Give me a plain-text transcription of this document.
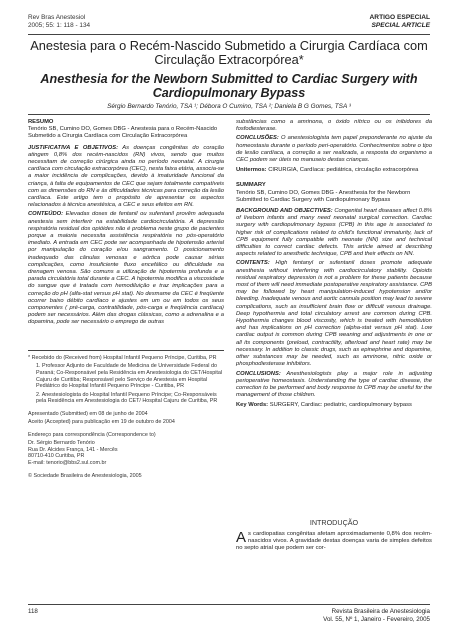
Rev Bras Anestesiol
2005; 55: 1: 118 - 134
ARTIGO ESPECIAL
SPECIAL ARTICLE
Anestesia para o Recém-Nascido Submetido a Cirurgia Cardíaca com Circulação Extracorpórea*
Anesthesia for the Newborn Submitted to Cardiac Surgery with Cardiopulmonary Bypass
Sérgio Bernardo Tenório, TSA ¹; Débora O Cumino, TSA ²; Daniela B G Gomes, TSA ³

RESUMO

Tenório SB, Cumino DO, Gomes DBG - Anestesia para o Recém-Nascido Submetido a Cirurgia Cardíaca com Circulação Extracorpórea

JUSTIFICATIVA E OBJETIVOS: As doenças congênitas do coração atingem 0,8% dos recém-nascidos (RN) vivos, sendo que muitos necessitam de correção cirúrgica ainda no período neonatal. A cirurgia cardíaca com circulação extracorpórea (CEC), nesta faixa etária, associa-se a maior incidência de complicações, devido à imaturidade funcional da criança, à falta de equipamentos de CEC que sejam totalmente compatíveis com as dimensões do RN e às dificuldades técnicas para correção da lesão cardíaca. Este artigo tem o propósito de apresentar os aspectos relacionados à técnica anestésica, a CEC e seus efeitos em RN.

CONTEÚDO: Elevadas doses de fentanil ou sufentanil provêm adequada anestesia sem interferir na estabilidade cardiocirculatória. A depressão respiratória residual dos opióides não é problema neste grupo de pacientes porque a maioria necessita assistência respiratória no pós-operatório imediato. A entrada em CEC pode ser acompanhada de hipotensão arterial por manipulação do coração e/ou sangramento. O posicionamento inadequado das cânulas venosas e aórtica pode causar sérias complicações, como insuficiente fluxo encefálico ou dificuldade na drenagem venosa. São comuns a utilização de hipotermia profunda e a parada circulatória total durante a CEC. A hipotermia modifica a viscosidade do sangue que é tratada com hemodiluição e traz implicações para a correção do pH (alfa-stat versus pH stat). No desmame da CEC é freqüente ocorrer baixo débito cardíaco e ajustes em um ou em todos os seus componentes ( pré-carga, contratilidade, pós-carga e freqüência cardíaca) podem ser necessários. Além das drogas clássicas, como a adrenalina e a dopamina, pode ser necessário o emprego de outras

* Recebido do (Received from) Hospital Infantil Pequeno Príncipe, Curitiba, PR

1. Professor Adjunto de Faculdade de Medicina de Universidade Federal do Paraná; Co-Responsável pela Residência em Anestesiologia do CET/Hospital Cajuru de Curitiba; Responsável pelo Serviço de Anestesia em Hospital Pediátrico do Hospital Infantil Pequeno Príncipe - Curitiba, PR

2. Anestesiologista do Hospital Infantil Pequeno Príncipe; Co-Responsáveis pela Residência em Anestesiologia do CET/ Hospital Cajuru de Curitiba, PR

Apresentado (Submitted) em 08 de junho de 2004

Aceito (Accepted) para publicação em 19 de outubro de 2004

Endereço para correspondência (Correspondence to)

Dr. Sérgio Bernardo Tenório
Rua Dr. Alcides França, 141 - Mercês
80710-410 Curitiba, PR
E-mail: tenorio@bbs2.sul.com.br

© Sociedade Brasileira de Anestesiologia, 2005

substâncias como a amrinona, o óxido nítrico ou os inibidores da fosfodiesterase.

CONCLUSÕES: O anestesiologista tem papel preponderante no ajuste da homeostasia durante o período peri-operatório. Conhecimentos sobre o tipo de lesão cardíaca, a correção a ser realizada, a resposta do organismo a CEC podem ser úteis no manuseio destas crianças.

Unitermos: CIRURGIA, Cardíaca: pediátrica, circulação extracorpórea

SUMMARY

Tenório SB, Cumino DO, Gomes DBG - Anesthesia for the Newborn Submitted to Cardiac Surgery with Cardiopulmonary Bypass

BACKGROUND AND OBJECTIVES: Congenital heart diseases affect 0.8% of liveborn infants and many need neonatal surgical correction. Cardiac surgery with cardiopulmonary bypass (CPB) in this age is associated to higher risk of complications related to child's functional immaturity, lack of CPB equipment fully compatible with neonate (NN) size and technical difficulties to correct cardiac defects. This article aimed at describing aspects related to anesthetic technique, CPB and their effects on NN.

CONTENTS: High fentanyl or sufentanil doses promote adequate anesthesia without interfering with cardiocirculatory stability. Opioids residual respiratory depression is not a problem for these patients because most of them will need immediate postoperative respiratory assistance. CPB may be followed by heart manipulation-induced hypotension and/or bleeding. Inadequate venous and aortic cannula position may lead to severe complications, such as insufficient brain flow or difficult venous drainage. Deep hypothermia and total circulatory arrest are common during CPB. Hypothermia changes blood viscosity, which is treated with hemodilution and has implications on pH correction (alpha-stat versus pH stat). Low cardiac output is common during CPB weaning and adjustments in one or all its components (preload, contractility, afterload and heart rate) may be necessary. In addition to classic drugs, such as epinephrine and dopamine, other substances may be needed, such as amrinone, nitric oxide or phosphodiesterase inhibitors.

CONCLUSIONS: Anesthesiologists play a major role in adjusting perioperative homeostasis. Understanding the type of cardiac disease, the correction to be performed and body response to CPB may be useful for the management of those children.

Key Words: SURGERY, Cardiac: pediatric, cardiopulmonary bypass

INTRODUÇÃO
As cardiopatias congênitas afetam aproximadamente 0,8% dos recém-nascidos vivos. A gravidade destas doenças varia de simples defeitos no septo atrial que podem ser cor-
118	Revista Brasileira de Anestesiologia
Vol. 55, Nº 1, Janeiro - Fevereiro, 2005
